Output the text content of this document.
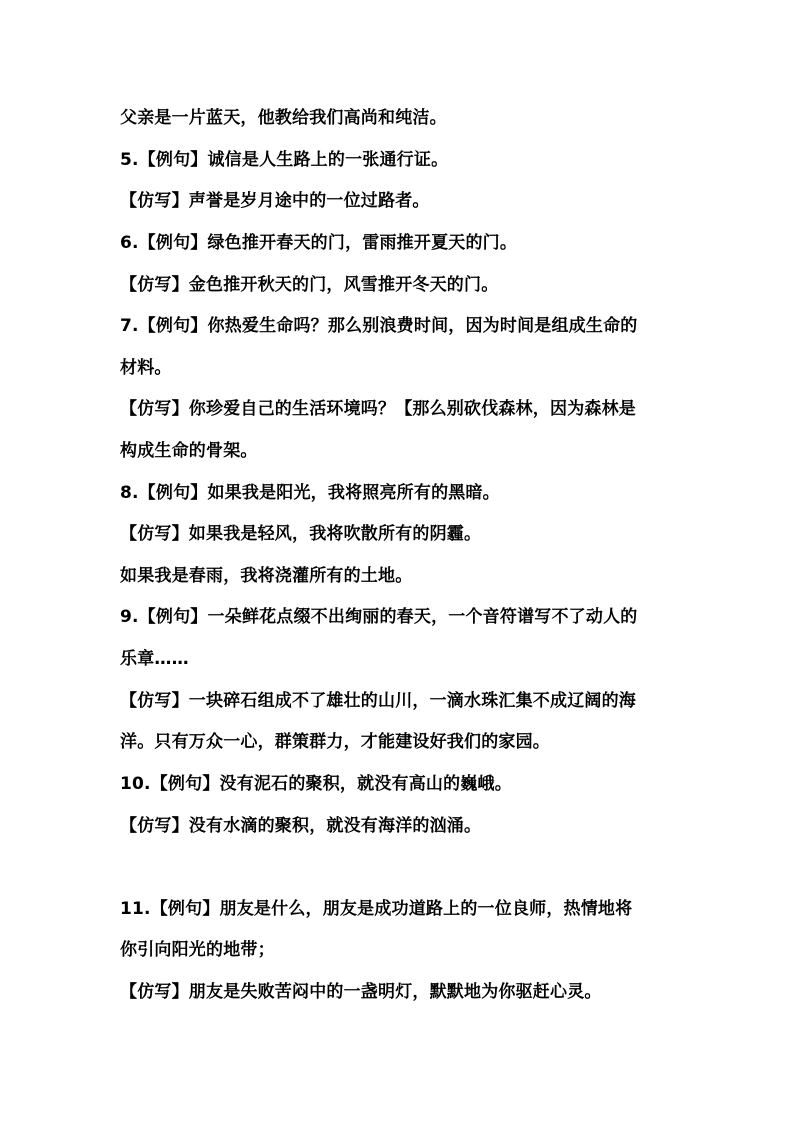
父亲是一片蓝天，他教给我们高尚和纯洁。
5.【例句】诚信是人生路上的一张通行证。
【仿写】声誉是岁月途中的一位过路者。
6.【例句】绿色推开春天的门，雷雨推开夏天的门。
【仿写】金色推开秋天的门，风雪推开冬天的门。
7.【例句】你热爱生命吗？那么别浪费时间，因为时间是组成生命的
材料。
【仿写】你珍爱自己的生活环境吗？【那么别砍伐森林，因为森林是
构成生命的骨架。
8.【例句】如果我是阳光，我将照亮所有的黑暗。
【仿写】如果我是轻风，我将吹散所有的阴霾。
如果我是春雨，我将浇灌所有的土地。
9.【例句】一朵鲜花点缀不出绚丽的春天，一个音符谱写不了动人的
乐章……
【仿写】一块碎石组成不了雄壮的山川，一滴水珠汇集不成辽阔的海
洋。只有万众一心，群策群力，才能建设好我们的家园。
10.【例句】没有泥石的聚积，就没有高山的巍峨。
【仿写】没有水滴的聚积，就没有海洋的汹涌。
11.【例句】朋友是什么，朋友是成功道路上的一位良师，热情地将
你引向阳光的地带；
【仿写】朋友是失败苦闷中的一盏明灯，默默地为你驱赶心灵。
